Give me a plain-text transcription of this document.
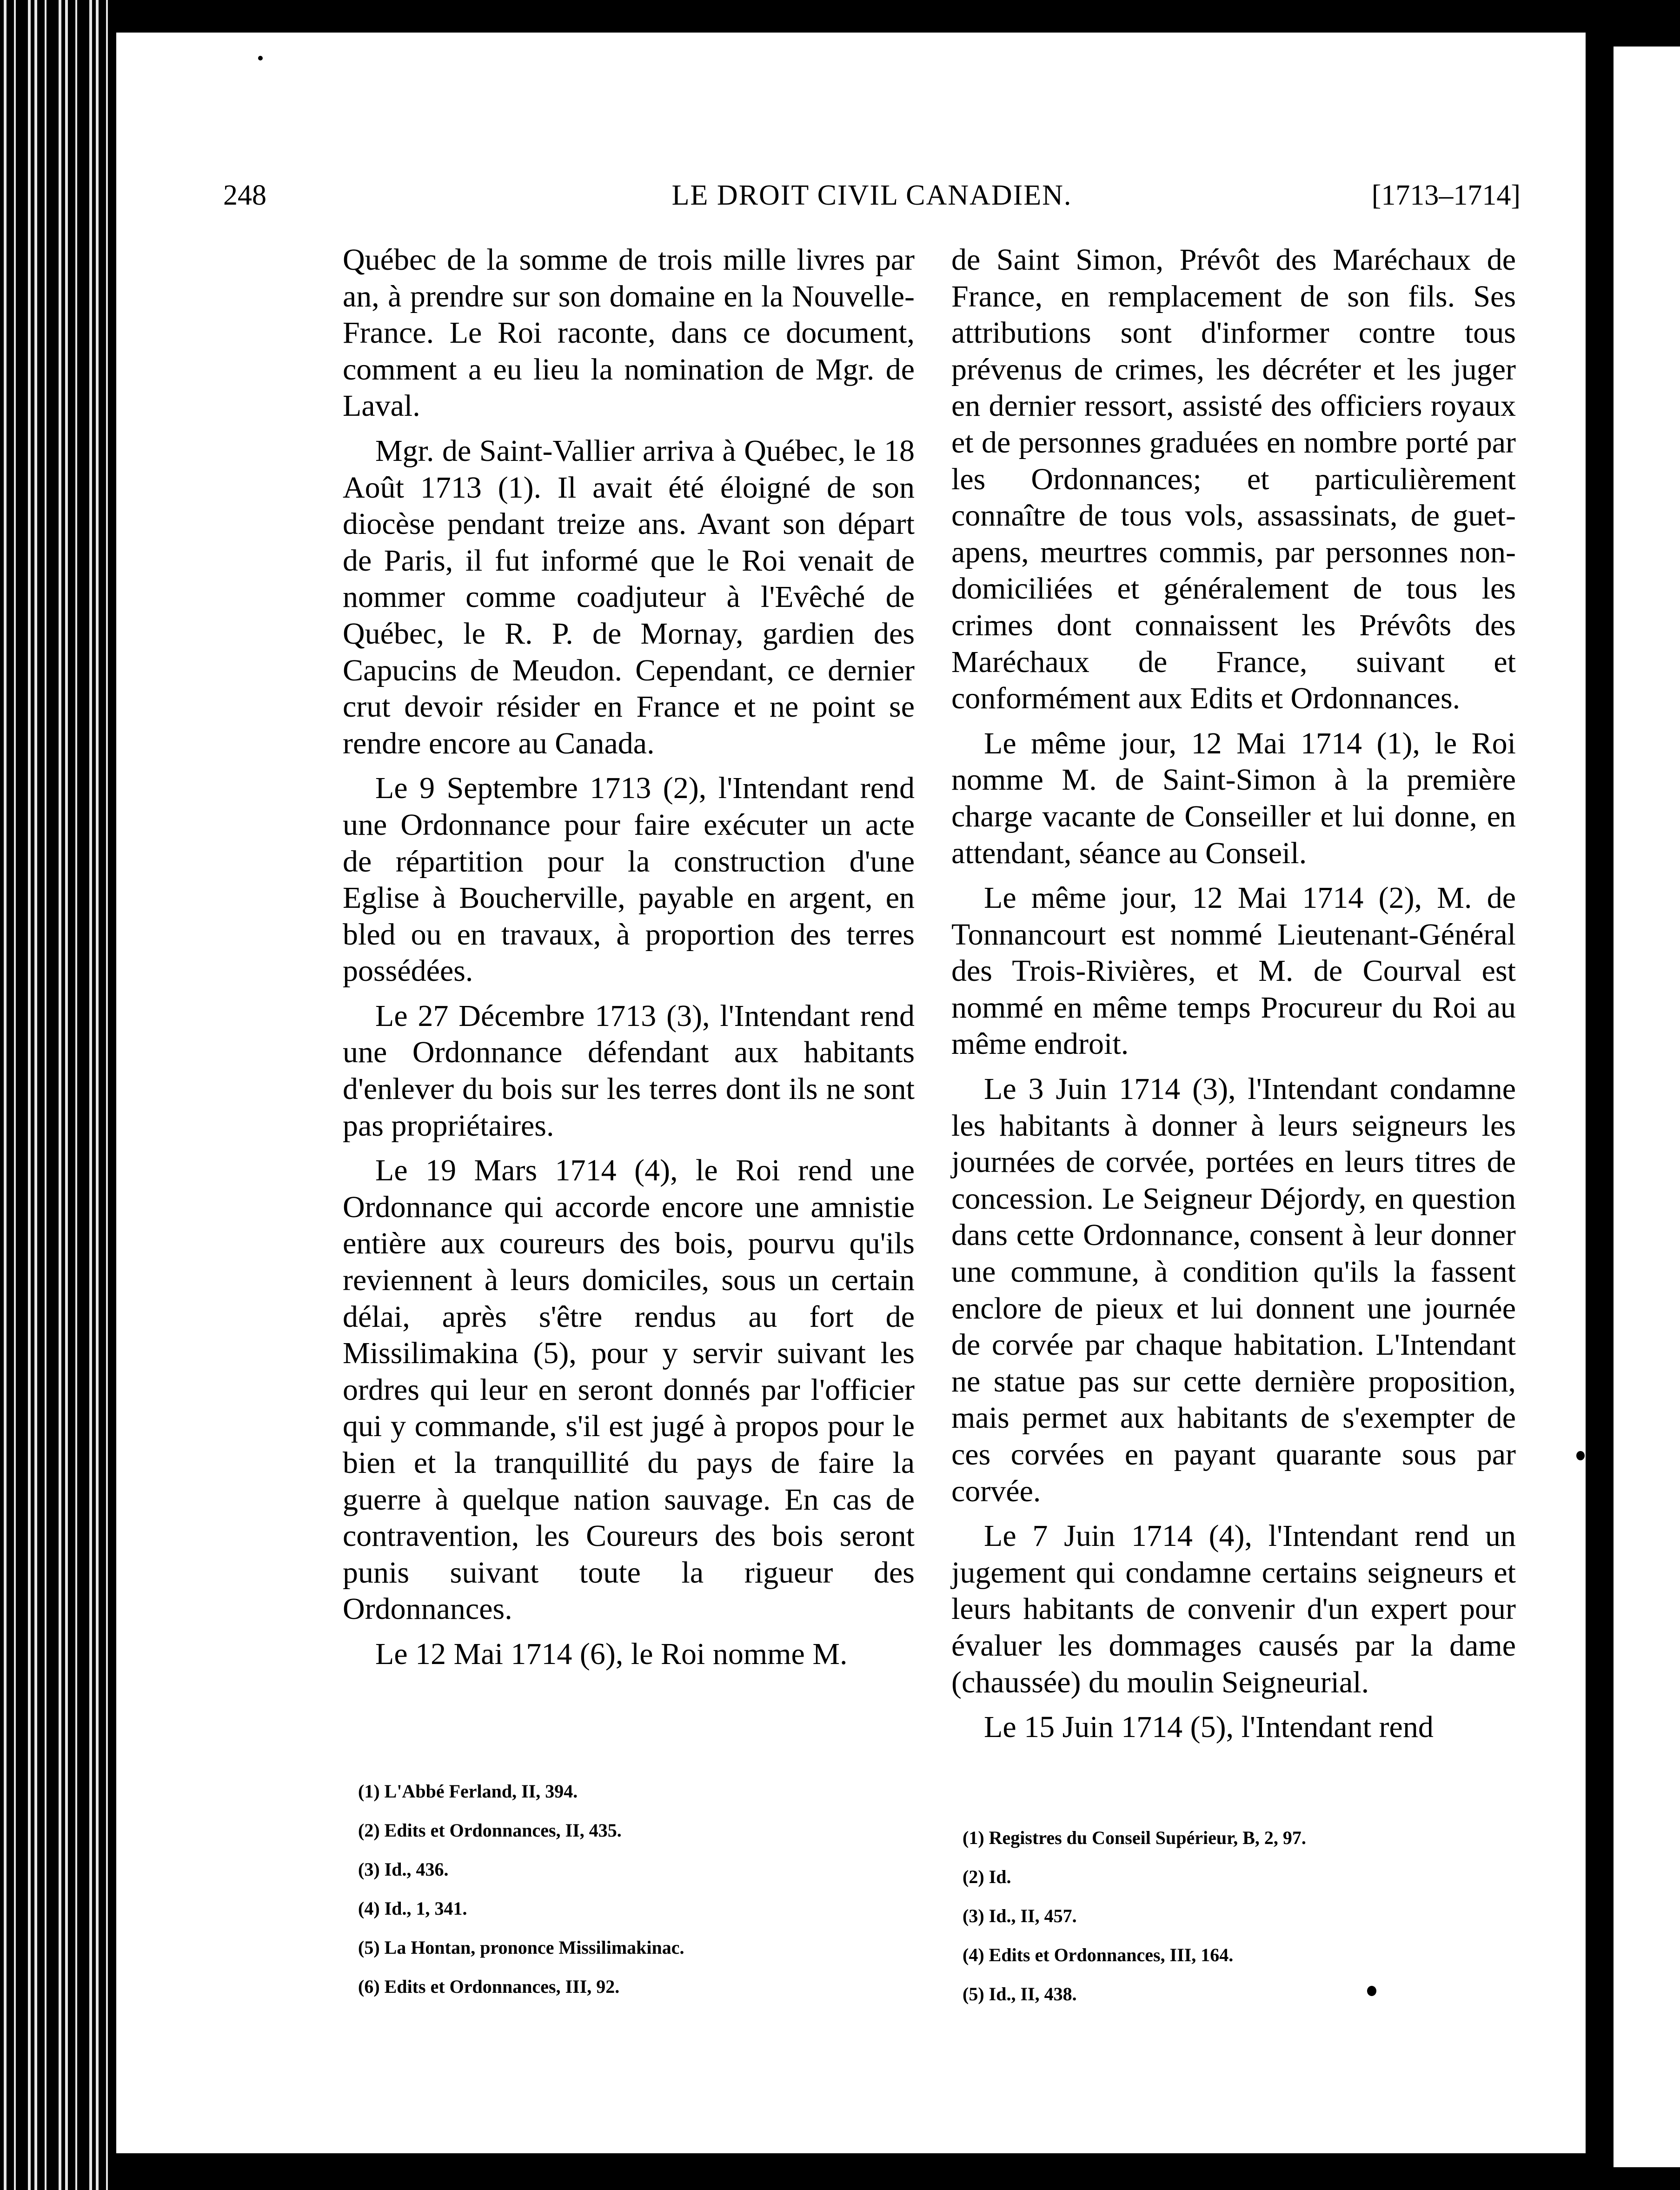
248	LE DROIT CIVIL CANADIEN.	[1713–1714]

Québec de la somme de trois mille livres par an, à prendre sur son domaine en la Nouvelle-France. Le Roi raconte, dans ce document, comment a eu lieu la nomination de Mgr. de Laval.

Mgr. de Saint-Vallier arriva à Québec, le 18 Août 1713 (1). Il avait été éloigné de son diocèse pendant treize ans. Avant son départ de Paris, il fut informé que le Roi venait de nommer comme coadjuteur à l'Evêché de Québec, le R. P. de Mornay, gardien des Capucins de Meudon. Cependant, ce dernier crut devoir résider en France et ne point se rendre encore au Canada.

Le 9 Septembre 1713 (2), l'Intendant rend une Ordonnance pour faire exécuter un acte de répartition pour la construction d'une Eglise à Boucherville, payable en argent, en bled ou en travaux, à proportion des terres possédées.

Le 27 Décembre 1713 (3), l'Intendant rend une Ordonnance défendant aux habitants d'enlever du bois sur les terres dont ils ne sont pas propriétaires.

Le 19 Mars 1714 (4), le Roi rend une Ordonnance qui accorde encore une amnistie entière aux coureurs des bois, pourvu qu'ils reviennent à leurs domiciles, sous un certain délai, après s'être rendus au fort de Missilimakina (5), pour y servir suivant les ordres qui leur en seront donnés par l'officier qui y commande, s'il est jugé à propos pour le bien et la tranquillité du pays de faire la guerre à quelque nation sauvage. En cas de contravention, les Coureurs des bois seront punis suivant toute la rigueur des Ordonnances.

Le 12 Mai 1714 (6), le Roi nomme M.

de Saint Simon, Prévôt des Maréchaux de France, en remplacement de son fils. Ses attributions sont d'informer contre tous prévenus de crimes, les décréter et les juger en dernier ressort, assisté des officiers royaux et de personnes graduées en nombre porté par les Ordonnances; et particulièrement connaître de tous vols, assassinats, de guet-apens, meurtres commis, par personnes non-domiciliées et généralement de tous les crimes dont connaissent les Prévôts des Maréchaux de France, suivant et conformément aux Edits et Ordonnances.

Le même jour, 12 Mai 1714 (1), le Roi nomme M. de Saint-Simon à la première charge vacante de Conseiller et lui donne, en attendant, séance au Conseil.

Le même jour, 12 Mai 1714 (2), M. de Tonnancourt est nommé Lieutenant-Général des Trois-Rivières, et M. de Courval est nommé en même temps Procureur du Roi au même endroit.

Le 3 Juin 1714 (3), l'Intendant condamne les habitants à donner à leurs seigneurs les journées de corvée, portées en leurs titres de concession. Le Seigneur Déjordy, en question dans cette Ordonnance, consent à leur donner une commune, à condition qu'ils la fassent enclore de pieux et lui donnent une journée de corvée par chaque habitation. L'Intendant ne statue pas sur cette dernière proposition, mais permet aux habitants de s'exempter de ces corvées en payant quarante sous par corvée.

Le 7 Juin 1714 (4), l'Intendant rend un jugement qui condamne certains seigneurs et leurs habitants de convenir d'un expert pour évaluer les dommages causés par la dame (chaussée) du moulin Seigneurial.

Le 15 Juin 1714 (5), l'Intendant rend

(1) L'Abbé Ferland, II, 394.
(2) Edits et Ordonnances, II, 435.
(3) Id., 436.
(4) Id., 1, 341.
(5) La Hontan, prononce Missilimakinac.
(6) Edits et Ordonnances, III, 92.
(1) Registres du Conseil Supérieur, B, 2, 97.
(2) Id.
(3) Id., II, 457.
(4) Edits et Ordonnances, III, 164.
(5) Id., II, 438.
